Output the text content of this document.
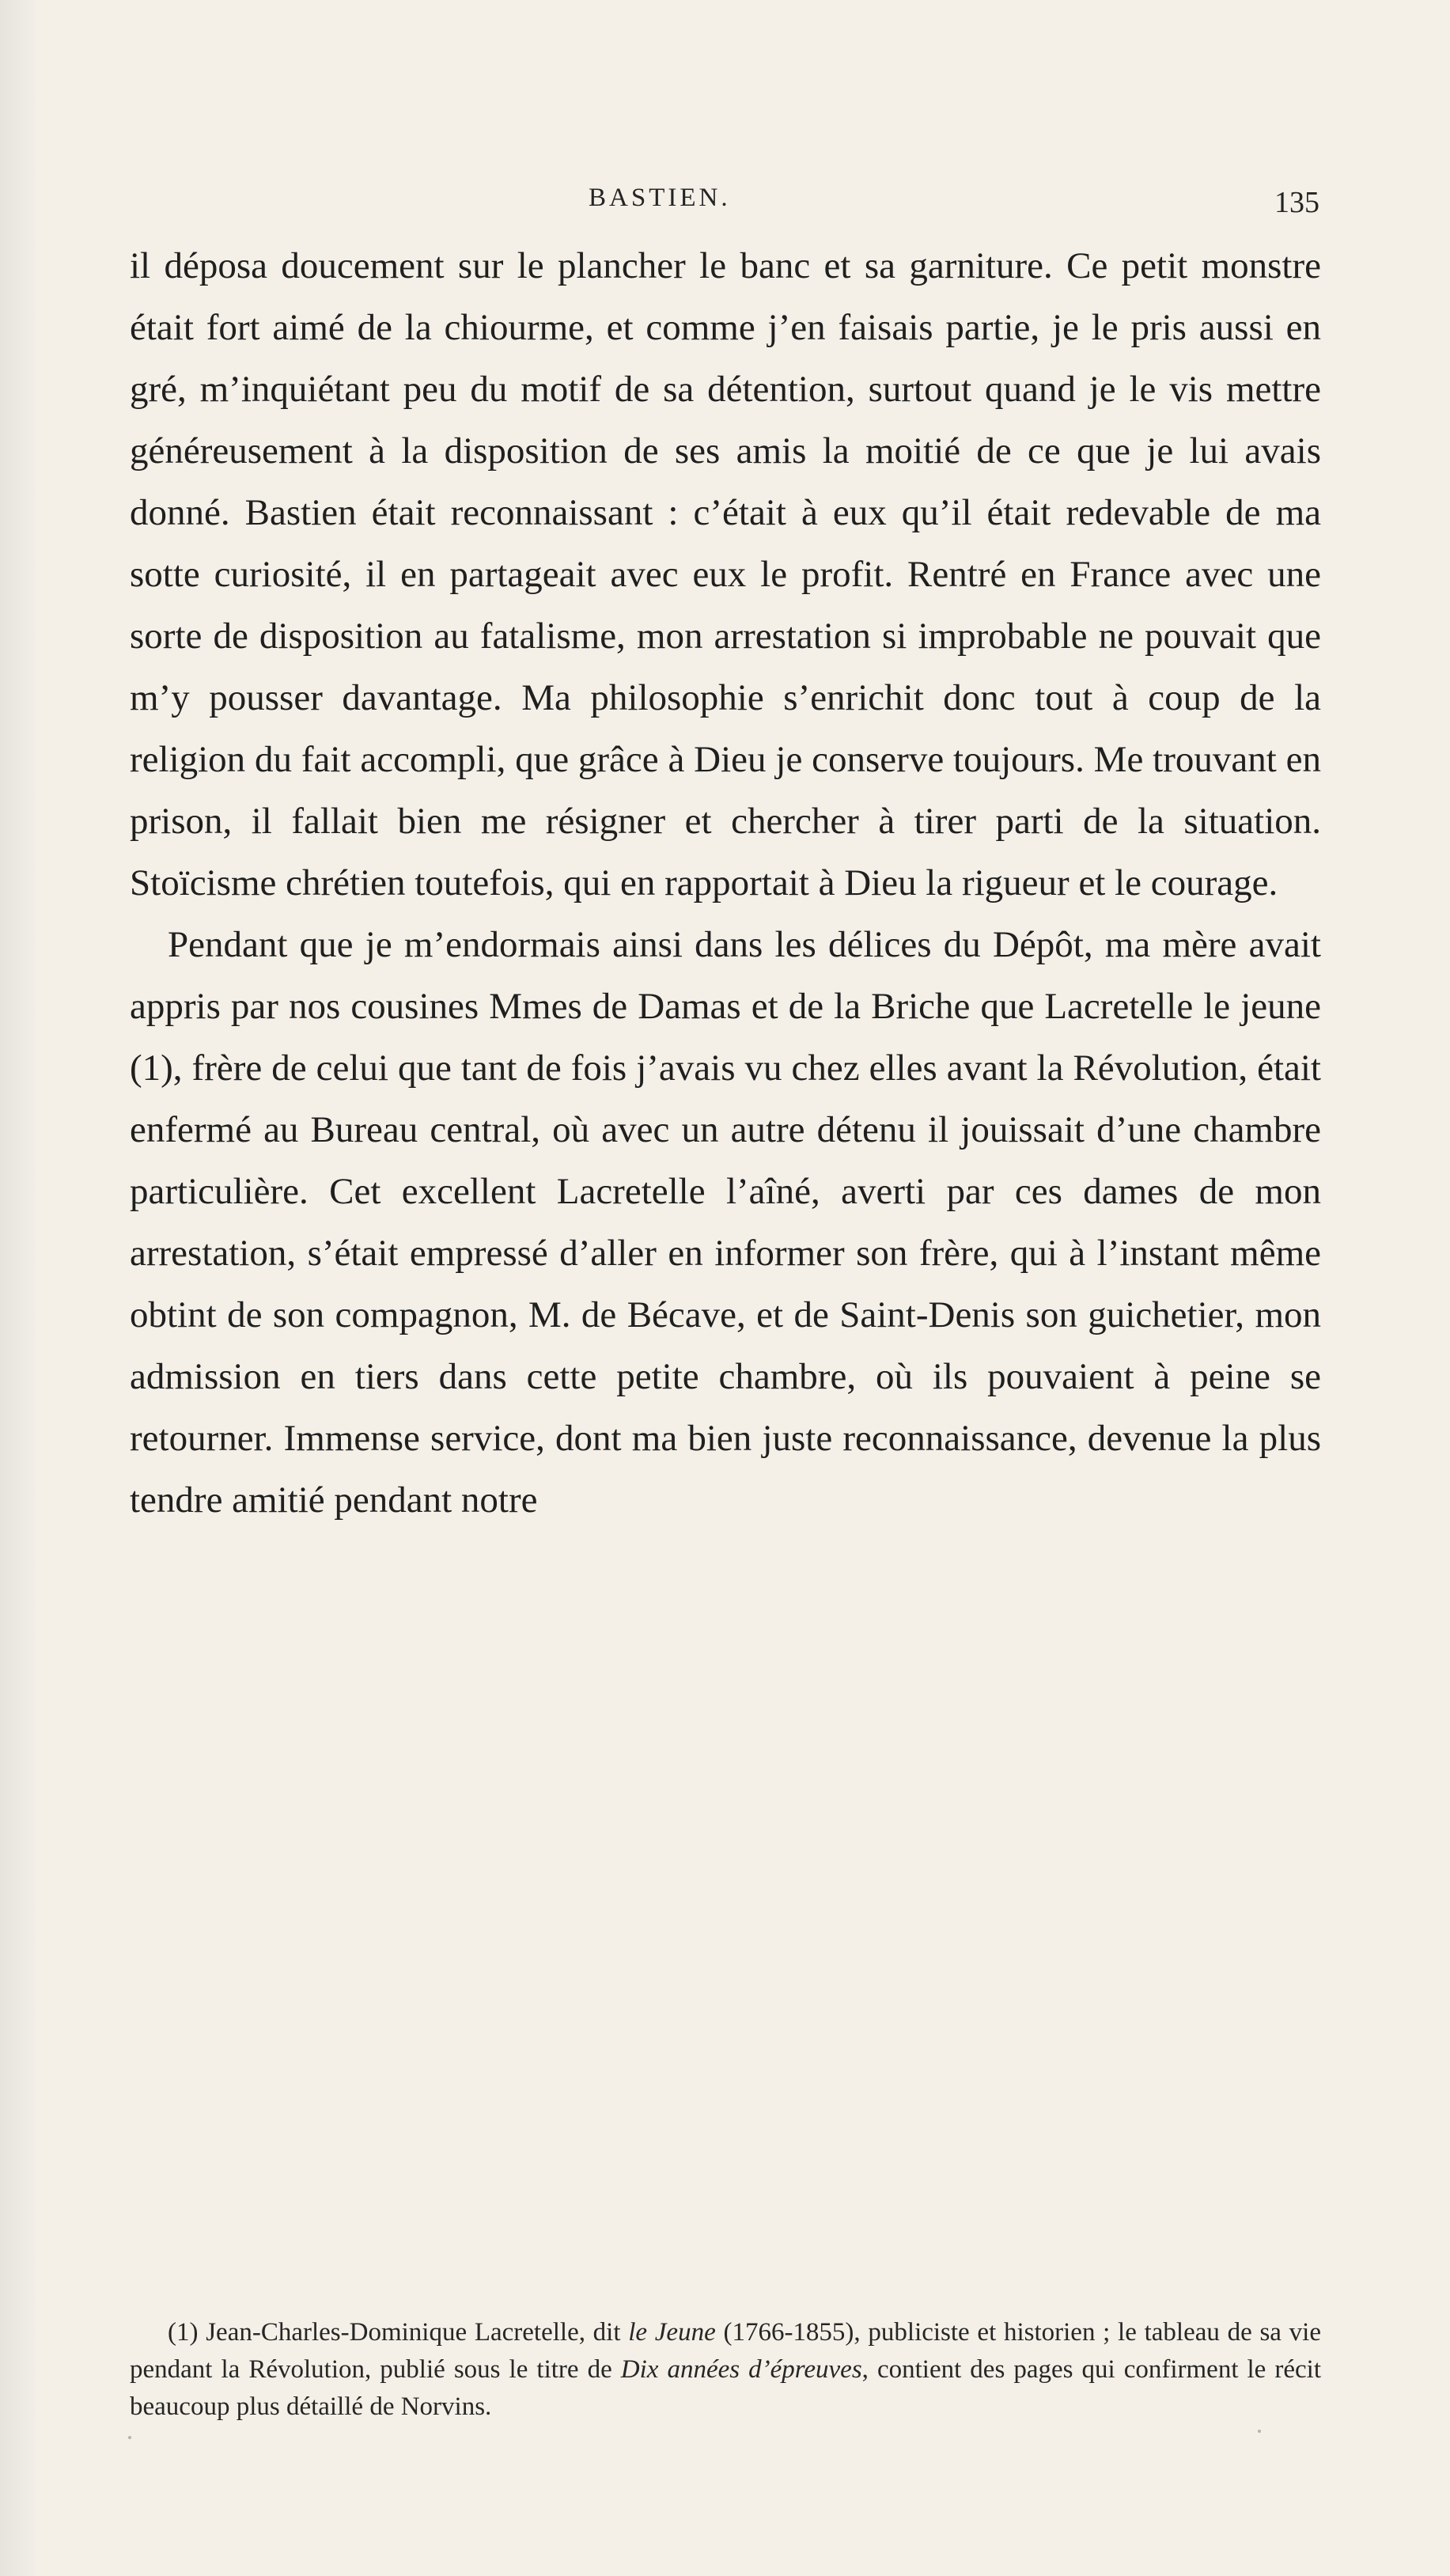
BASTIEN.	135

il déposa doucement sur le plancher le banc et sa garniture. Ce petit monstre était fort aimé de la chiourme, et comme j’en faisais partie, je le pris aussi en gré, m’inquiétant peu du motif de sa détention, surtout quand je le vis mettre généreusement à la disposition de ses amis la moitié de ce que je lui avais donné. Bastien était reconnaissant : c’était à eux qu’il était redevable de ma sotte curiosité, il en partageait avec eux le profit. Rentré en France avec une sorte de disposition au fatalisme, mon arrestation si improbable ne pouvait que m’y pousser davantage. Ma philosophie s’enrichit donc tout à coup de la religion du fait accompli, que grâce à Dieu je conserve toujours. Me trouvant en prison, il fallait bien me résigner et chercher à tirer parti de la situation. Stoïcisme chrétien toutefois, qui en rapportait à Dieu la rigueur et le courage.

Pendant que je m’endormais ainsi dans les délices du Dépôt, ma mère avait appris par nos cousines Mmes de Damas et de la Briche que Lacretelle le jeune (1), frère de celui que tant de fois j’avais vu chez elles avant la Révolution, était enfermé au Bureau central, où avec un autre détenu il jouissait d’une chambre particulière. Cet excellent Lacretelle l’aîné, averti par ces dames de mon arrestation, s’était empressé d’aller en informer son frère, qui à l’instant même obtint de son compagnon, M. de Bécave, et de Saint-Denis son guichetier, mon admission en tiers dans cette petite chambre, où ils pouvaient à peine se retourner. Immense service, dont ma bien juste reconnaissance, devenue la plus tendre amitié pendant notre

(1) Jean-Charles-Dominique Lacretelle, dit le Jeune (1766-1855), publiciste et historien ; le tableau de sa vie pendant la Révolution, publié sous le titre de Dix années d’épreuves, contient des pages qui confirment le récit beaucoup plus détaillé de Norvins.
